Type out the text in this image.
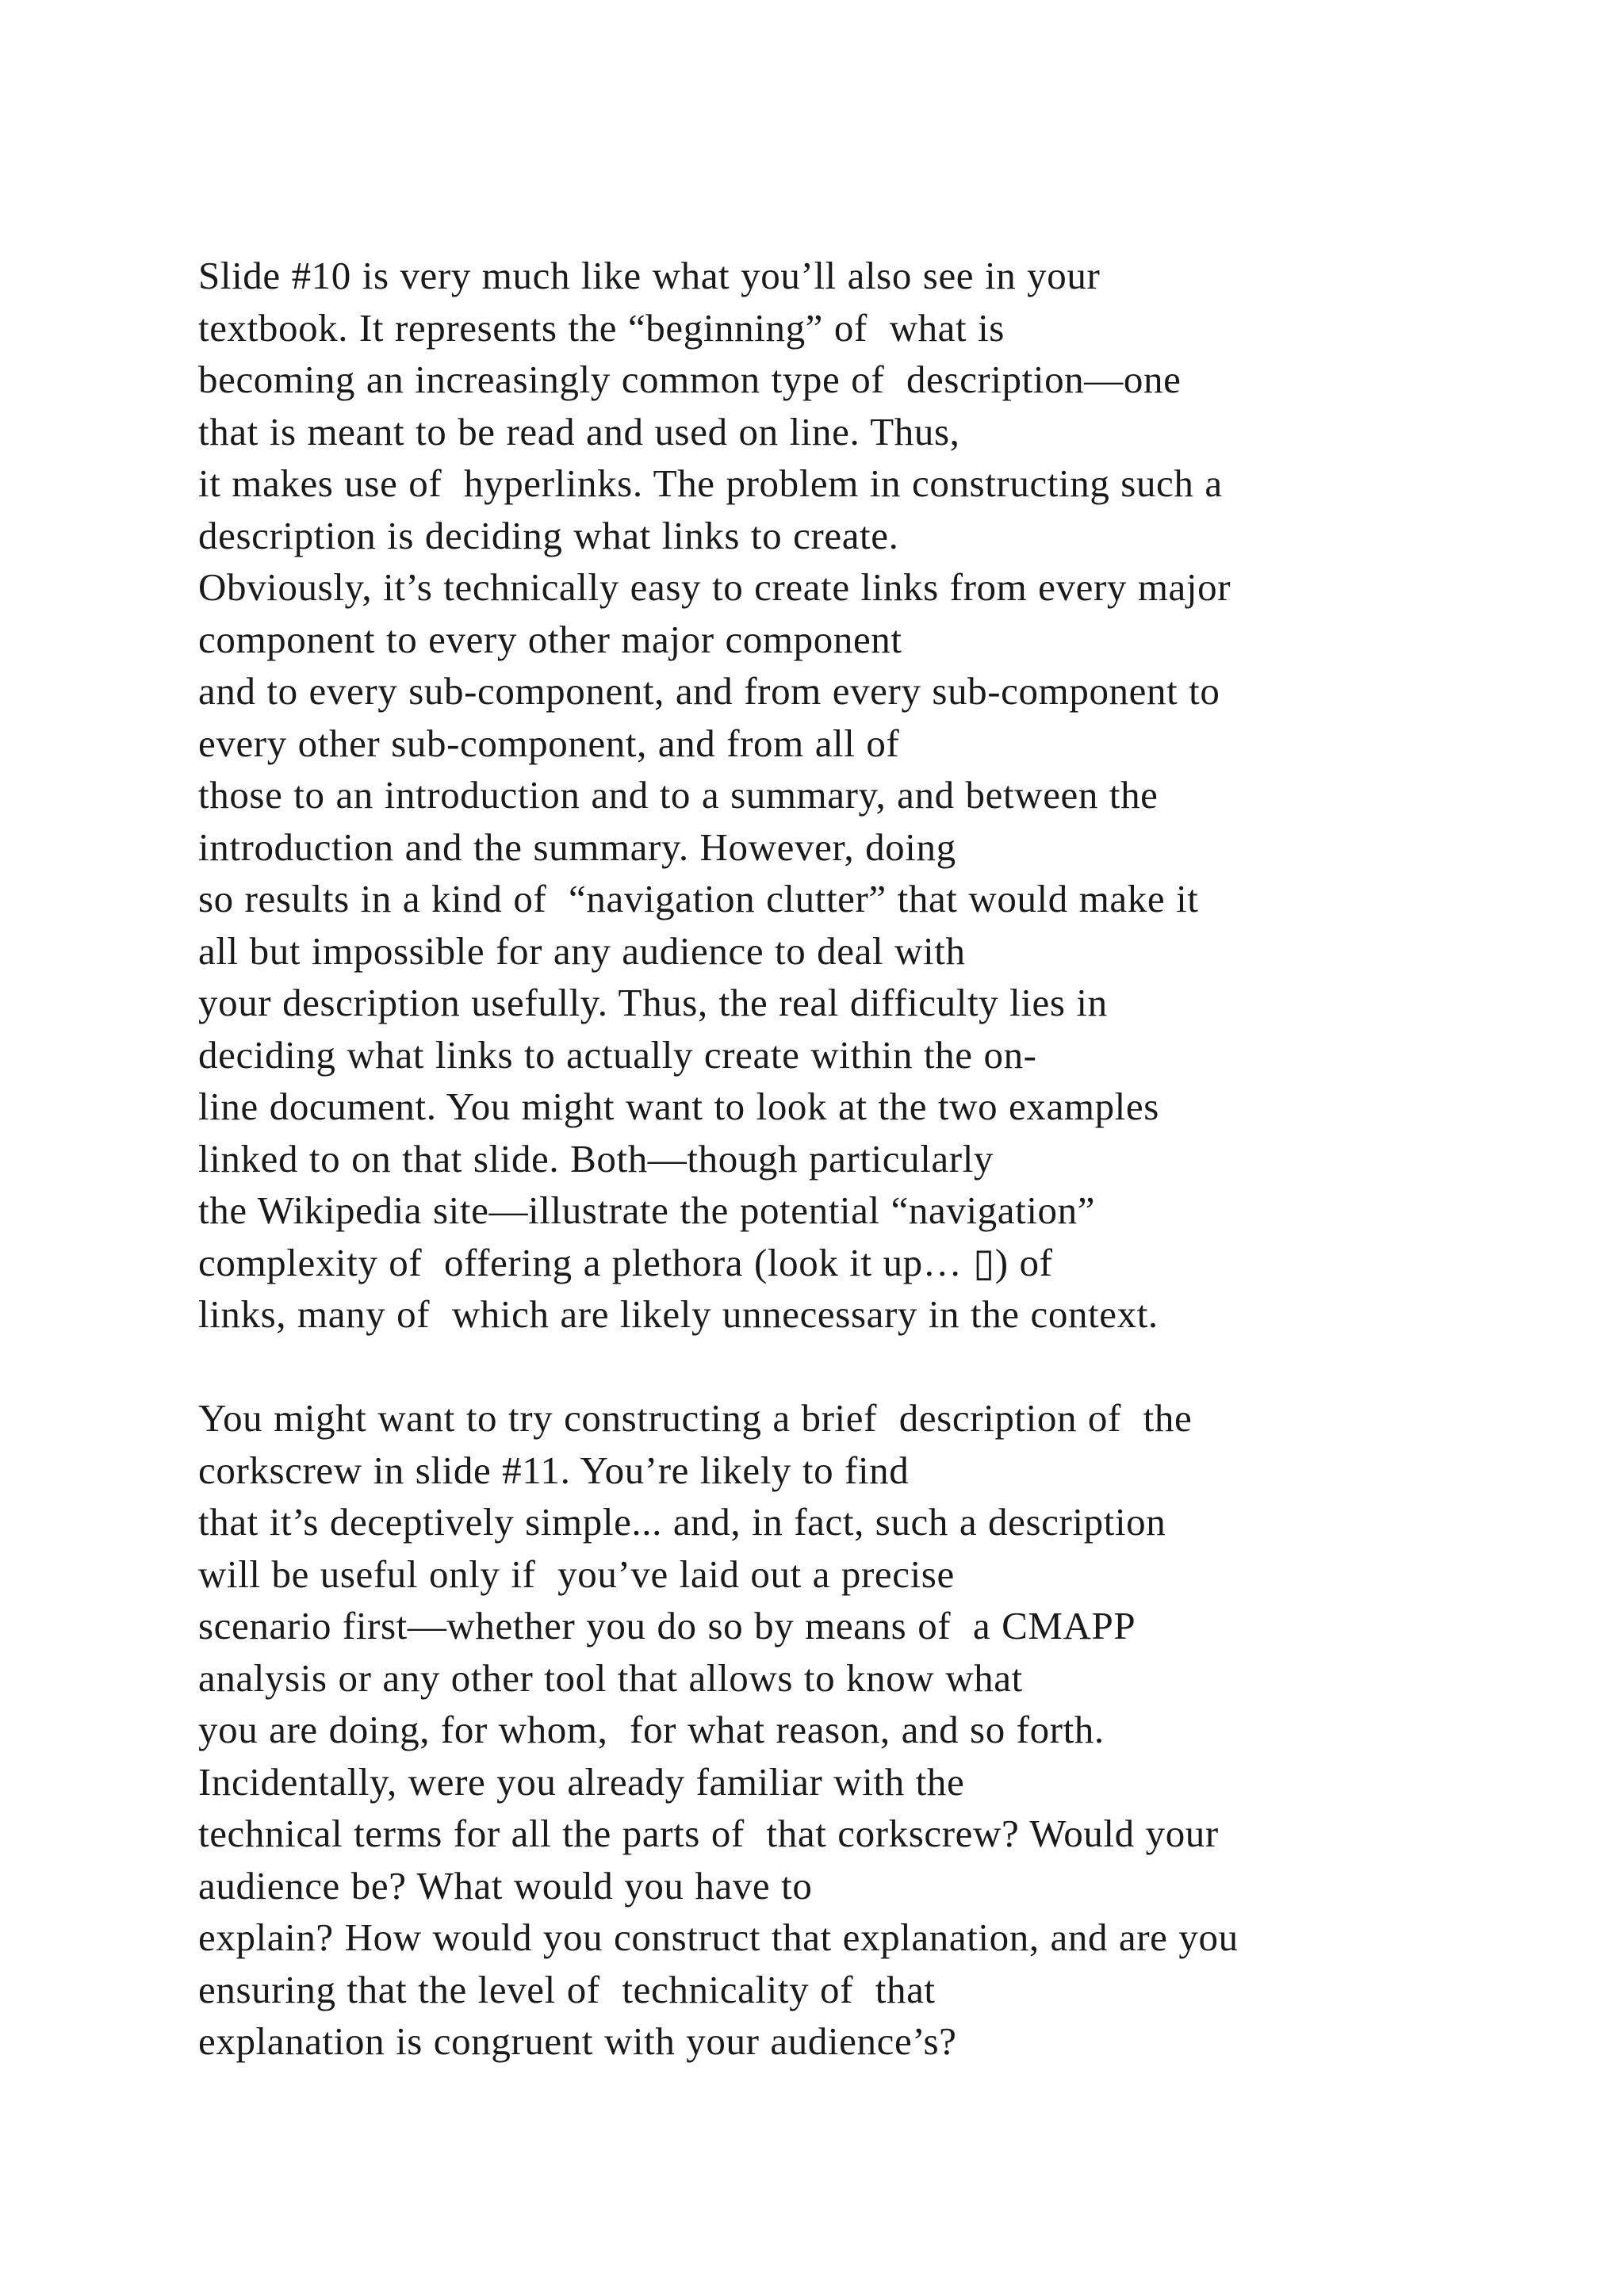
Slide #10 is very much like what you’ll also see in your
textbook. It represents the “beginning” of  what is
becoming an increasingly common type of  description—one
that is meant to be read and used on line. Thus,
it makes use of  hyperlinks. The problem in constructing such a
description is deciding what links to create.
Obviously, it’s technically easy to create links from every major
component to every other major component
and to every sub-component, and from every sub-component to
every other sub-component, and from all of
those to an introduction and to a summary, and between the
introduction and the summary. However, doing
so results in a kind of  “navigation clutter” that would make it
all but impossible for any audience to deal with
your description usefully. Thus, the real difficulty lies in
deciding what links to actually create within the on-
line document. You might want to look at the two examples
linked to on that slide. Both—though particularly
the Wikipedia site—illustrate the potential “navigation”
complexity of  offering a plethora (look it up… ▯) of
links, many of  which are likely unnecessary in the context.
You might want to try constructing a brief  description of  the
corkscrew in slide #11. You’re likely to find
that it’s deceptively simple... and, in fact, such a description
will be useful only if  you’ve laid out a precise
scenario first—whether you do so by means of  a CMAPP
analysis or any other tool that allows to know what
you are doing, for whom,  for what reason, and so forth.
Incidentally, were you already familiar with the
technical terms for all the parts of  that corkscrew? Would your
audience be? What would you have to
explain? How would you construct that explanation, and are you
ensuring that the level of  technicality of  that
explanation is congruent with your audience’s?
